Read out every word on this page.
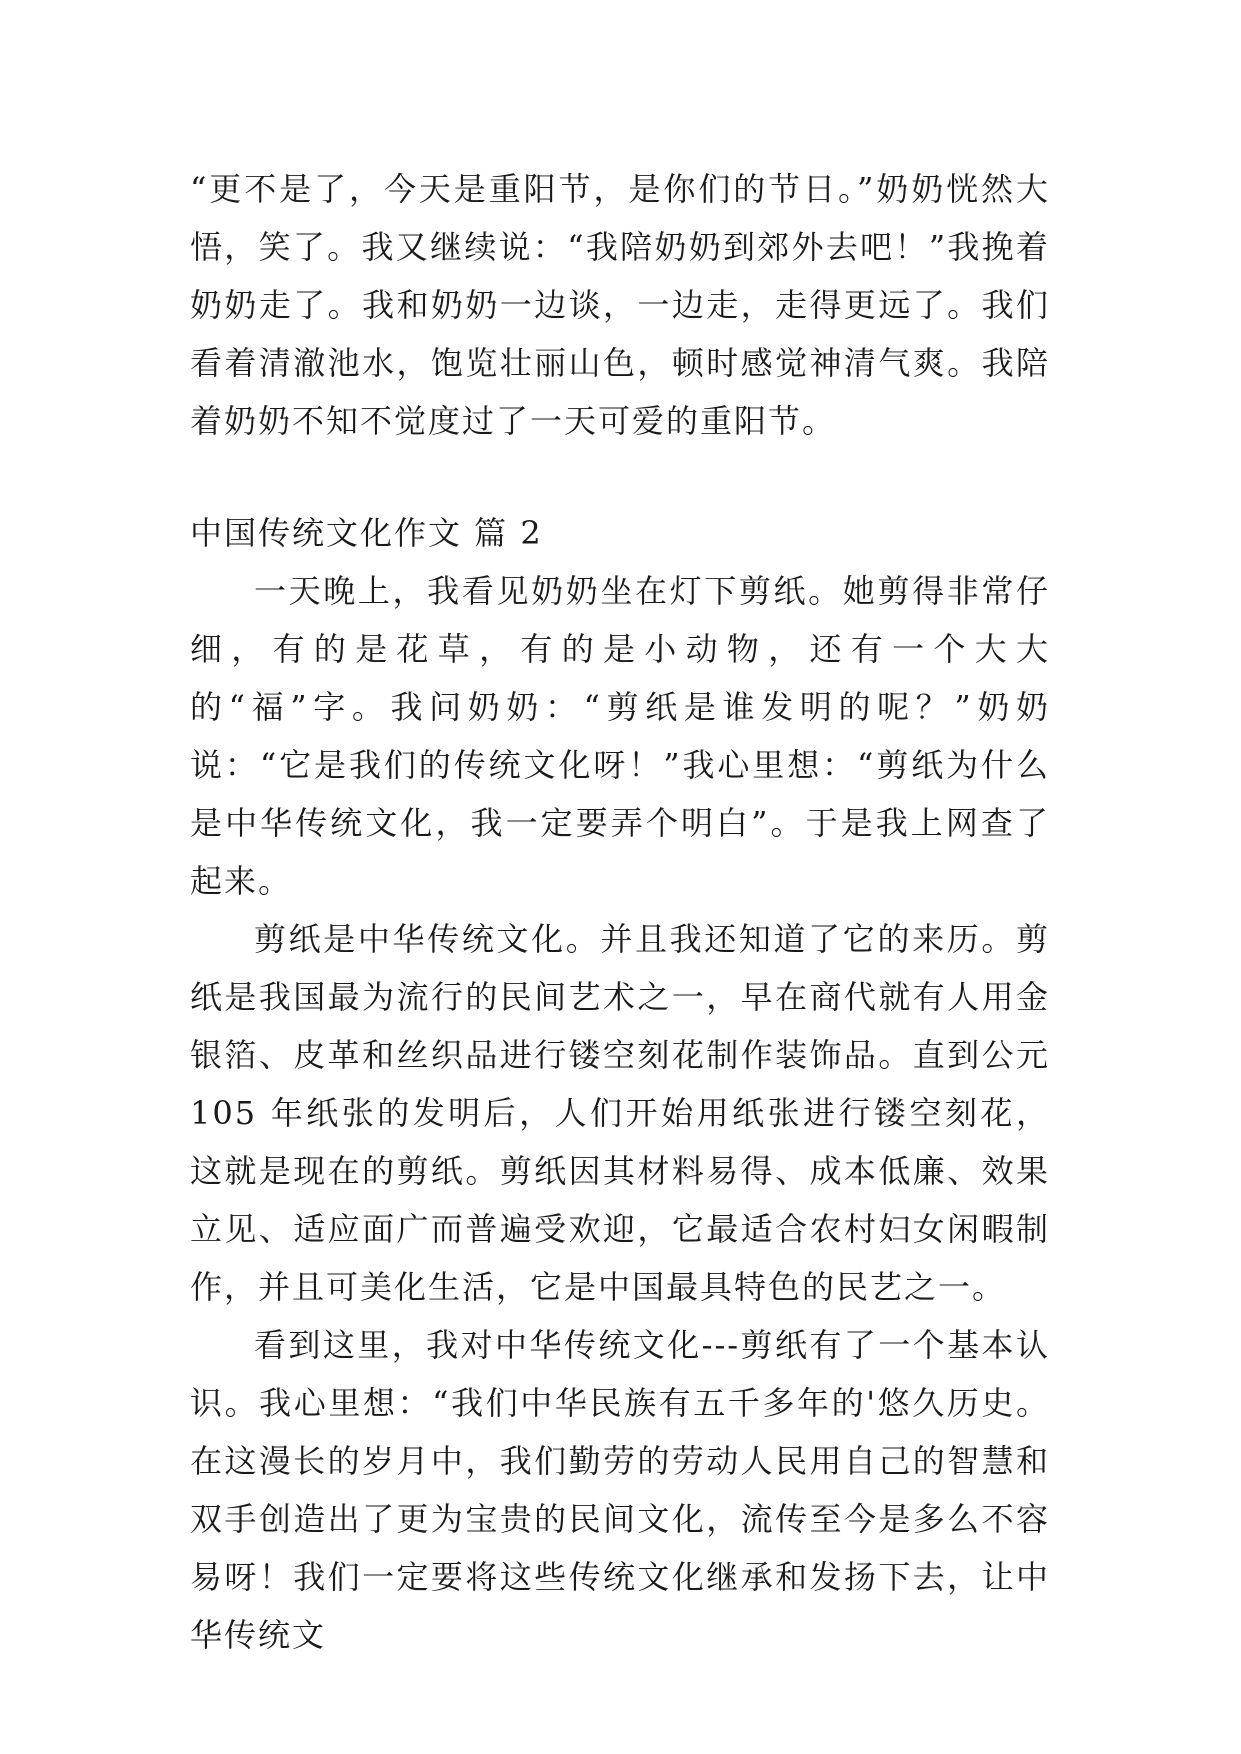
“更不是了，今天是重阳节，是你们的节日。”奶奶恍然大悟，笑了。我又继续说：“我陪奶奶到郊外去吧！”我挽着奶奶走了。我和奶奶一边谈，一边走，走得更远了。我们看着清澈池水，饱览壮丽山色，顿时感觉神清气爽。我陪着奶奶不知不觉度过了一天可爱的重阳节。

中国传统文化作文 篇 2

一天晚上，我看见奶奶坐在灯下剪纸。她剪得非常仔细，有的是花草，有的是小动物，还有一个大大的“福”字。我问奶奶：“剪纸是谁发明的呢？”奶奶说：“它是我们的传统文化呀！”我心里想：“剪纸为什么是中华传统文化，我一定要弄个明白”。于是我上网查了起来。

剪纸是中华传统文化。并且我还知道了它的来历。剪纸是我国最为流行的民间艺术之一，早在商代就有人用金银箔、皮革和丝织品进行镂空刻花制作装饰品。直到公元 105 年纸张的发明后，人们开始用纸张进行镂空刻花，这就是现在的剪纸。剪纸因其材料易得、成本低廉、效果立见、适应面广而普遍受欢迎，它最适合农村妇女闲暇制作，并且可美化生活，它是中国最具特色的民艺之一。

看到这里，我对中华传统文化---剪纸有了一个基本认识。我心里想：“我们中华民族有五千多年的'悠久历史。在这漫长的岁月中，我们勤劳的劳动人民用自己的智慧和双手创造出了更为宝贵的民间文化，流传至今是多么不容易呀！我们一定要将这些传统文化继承和发扬下去，让中华传统文
